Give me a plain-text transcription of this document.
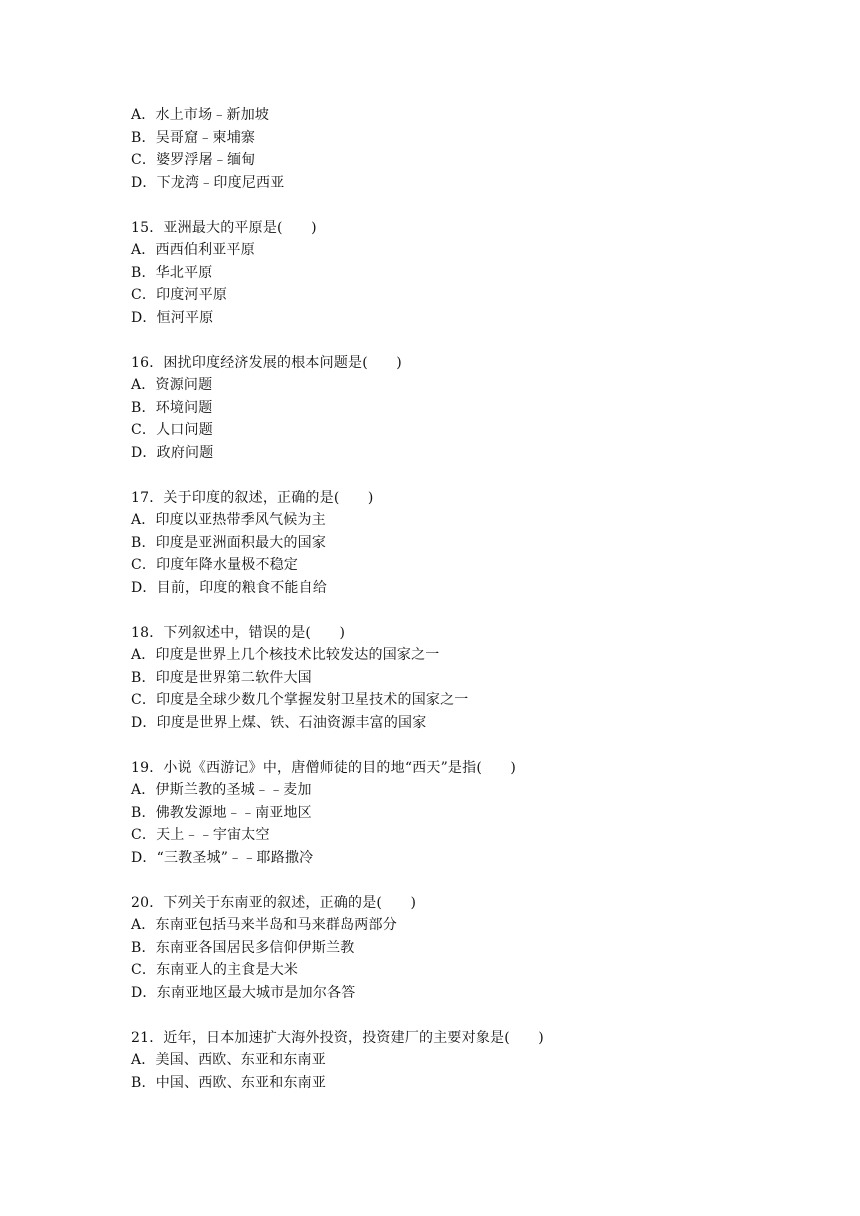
A．水上市场﹣新加坡
B．吴哥窟﹣柬埔寨
C．婆罗浮屠﹣缅甸
D．下龙湾﹣印度尼西亚
15．亚洲最大的平原是(　　)
A．西西伯利亚平原
B．华北平原
C．印度河平原
D．恒河平原
16．困扰印度经济发展的根本问题是(　　)
A．资源问题
B．环境问题
C．人口问题
D．政府问题
17．关于印度的叙述，正确的是(　　)
A．印度以亚热带季风气候为主
B．印度是亚洲面积最大的国家
C．印度年降水量极不稳定
D．目前，印度的粮食不能自给
18．下列叙述中，错误的是(　　)
A．印度是世界上几个核技术比较发达的国家之一
B．印度是世界第二软件大国
C．印度是全球少数几个掌握发射卫星技术的国家之一
D．印度是世界上煤、铁、石油资源丰富的国家
19．小说《西游记》中，唐僧师徒的目的地“西天”是指(　　)
A．伊斯兰教的圣城﹣﹣麦加
B．佛教发源地﹣﹣南亚地区
C．天上﹣﹣宇宙太空
D．“三教圣城”﹣﹣耶路撒冷
20．下列关于东南亚的叙述，正确的是(　　)
A．东南亚包括马来半岛和马来群岛两部分
B．东南亚各国居民多信仰伊斯兰教
C．东南亚人的主食是大米
D．东南亚地区最大城市是加尔各答
21．近年，日本加速扩大海外投资，投资建厂的主要对象是(　　)
A．美国、西欧、东亚和东南亚
B．中国、西欧、东亚和东南亚
